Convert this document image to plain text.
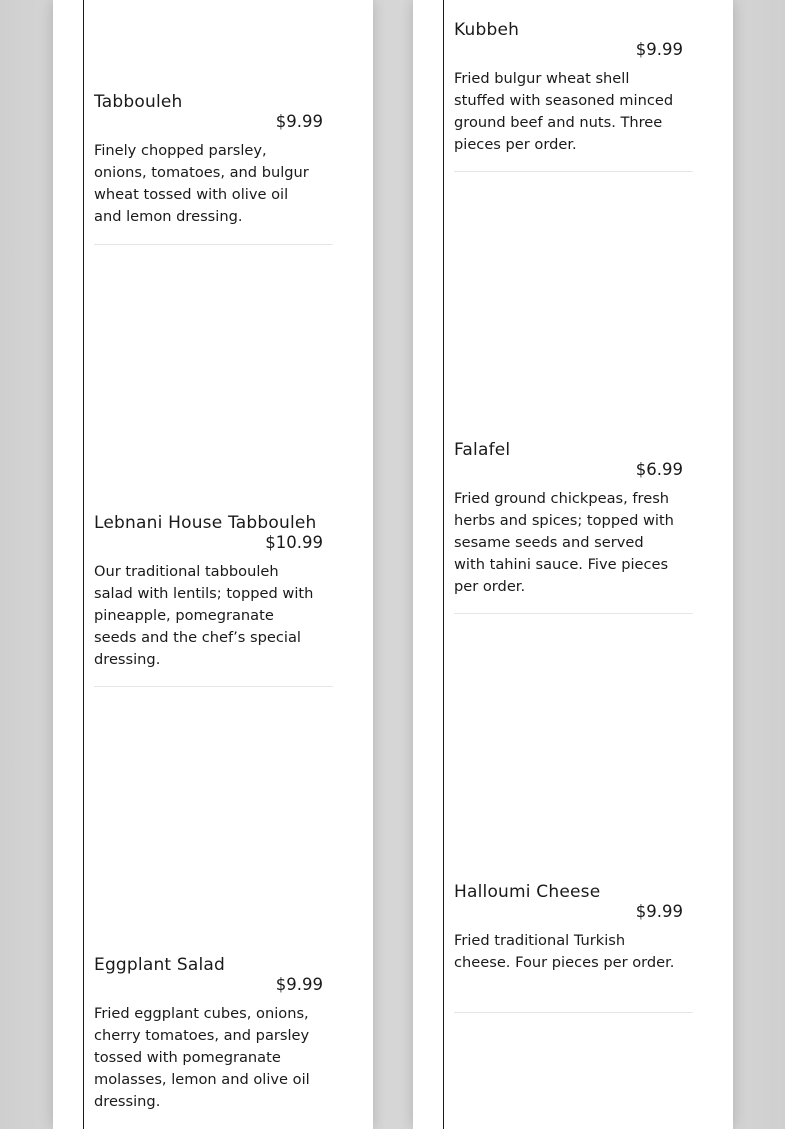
Tabbouleh
$9.99

Finely chopped parsley, onions, tomatoes, and bulgur wheat tossed with olive oil and lemon dressing.

Lebnani House Tabbouleh
$10.99

Our traditional tabbouleh salad with lentils; topped with pineapple, pomegranate seeds and the chef’s special dressing.

Eggplant Salad
$9.99

Fried eggplant cubes, onions, cherry tomatoes, and parsley tossed with pomegranate molasses, lemon and olive oil dressing.

Kubbeh
$9.99

Fried bulgur wheat shell stuffed with seasoned minced ground beef and nuts. Three pieces per order.

Falafel
$6.99

Fried ground chickpeas, fresh herbs and spices; topped with sesame seeds and served with tahini sauce. Five pieces per order.

Halloumi Cheese
$9.99

Fried traditional Turkish cheese. Four pieces per order.
